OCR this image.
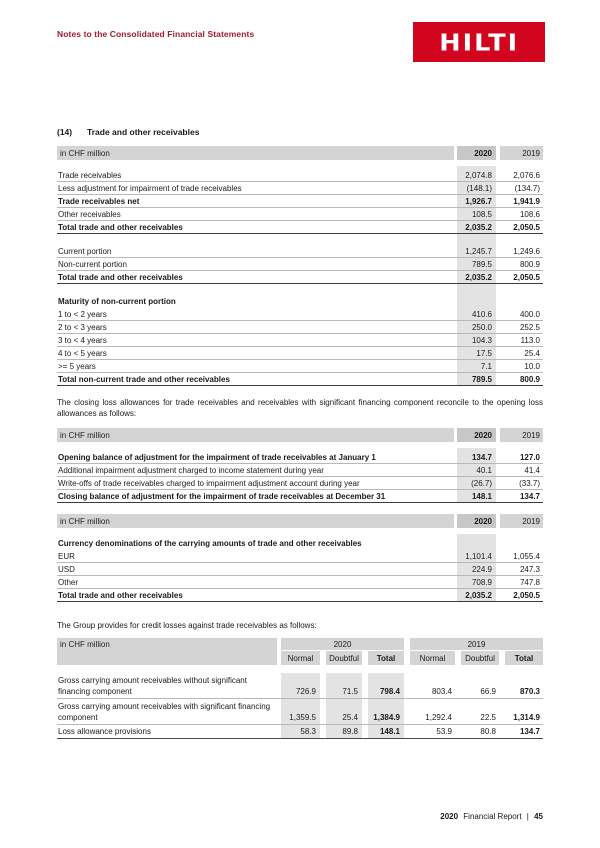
Notes to the Consolidated Financial Statements	HILTI
(14)	Trade and other receivables
in CHF million	2020	2019
Trade receivables	2,074.8	2,076.6
Less adjustment for impairment of trade receivables	(148.1)	(134.7)
Trade receivables net	1,926.7	1,941.9
Other receivables	108.5	108.6
Total trade and other receivables	2,035.2	2,050.5
Current portion	1,245.7	1,249.6
Non-current portion	789.5	800.9
Total trade and other receivables	2,035.2	2,050.5
Maturity of non-current portion
1 to < 2 years	410.6	400.0
2 to < 3 years	250.0	252.5
3 to < 4 years	104.3	113.0
4 to < 5 years	17.5	25.4
>= 5 years	7.1	10.0
Total non-current trade and other receivables	789.5	800.9
The closing loss allowances for trade receivables and receivables with significant financing component reconcile to the opening loss allowances as follows:
in CHF million	2020	2019
Opening balance of adjustment for the impairment of trade receivables at January 1	134.7	127.0
Additional impairment adjustment charged to income statement during year	40.1	41.4
Write-offs of trade receivables charged to impairment adjustment account during year	(26.7)	(33.7)
Closing balance of adjustment for the impairment of trade receivables at December 31	148.1	134.7
in CHF million	2020	2019
Currency denominations of the carrying amounts of trade and other receivables
EUR	1,101.4	1,055.4
USD	224.9	247.3
Other	708.9	747.8
Total trade and other receivables	2,035.2	2,050.5
The Group provides for credit losses against trade receivables as follows:
in CHF million	2020
Normal	Doubtful	Total
2019
Normal	Doubtful	Total
Gross carrying amount receivables without significant financing component	726.9	71.5	798.4	803.4	66.9	870.3
Gross carrying amount receivables with significant financing component	1,359.5	25.4	1,384.9	1,292.4	22.5	1,314.9
Loss allowance provisions	58.3	89.8	148.1	53.9	80.8	134.7
2020 Financial Report | 45
